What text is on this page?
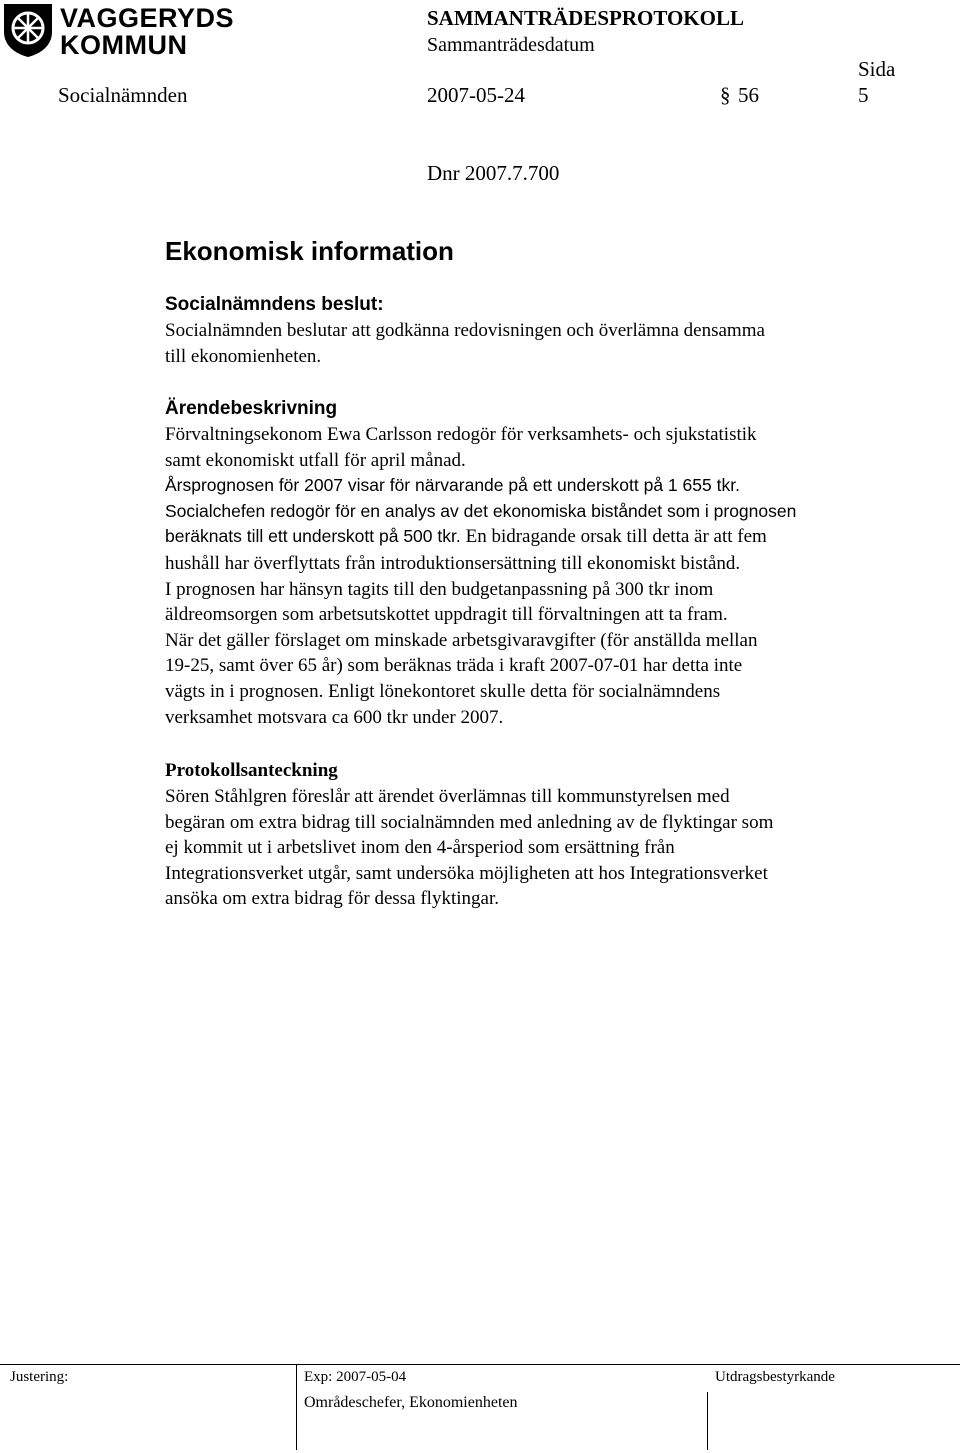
VAGGERYDS
KOMMUN
SAMMANTRÄDESPROTOKOLL
Sammanträdesdatum
Sida
Socialnämnden	2007-05-24	§ 56	5
Dnr 2007.7.700
Ekonomisk information
Socialnämndens beslut:
Socialnämnden beslutar att godkänna redovisningen och överlämna densamma
till ekonomienheten.
Ärendebeskrivning
Förvaltningsekonom Ewa Carlsson redogör för verksamhets- och sjukstatistik
samt ekonomiskt utfall för april månad.
Årsprognosen för 2007 visar för närvarande på ett underskott på 1 655 tkr.
Socialchefen redogör för en analys av det ekonomiska biståndet som i prognosen
beräknats till ett underskott på 500 tkr. En bidragande orsak till detta är att fem
hushåll har överflyttats från introduktionsersättning till ekonomiskt bistånd.
I prognosen har hänsyn tagits till den budgetanpassning på 300 tkr inom
äldreomsorgen som arbetsutskottet uppdragit till förvaltningen att ta fram.
När det gäller förslaget om minskade arbetsgivaravgifter (för anställda mellan
19-25, samt över 65 år) som beräknas träda i kraft 2007-07-01 har detta inte
vägts in i prognosen. Enligt lönekontoret skulle detta för socialnämndens
verksamhet motsvara ca 600 tkr under 2007.
Protokollsanteckning
Sören Ståhlgren föreslår att ärendet överlämnas till kommunstyrelsen med
begäran om extra bidrag till socialnämnden med anledning av de flyktingar som
ej kommit ut i arbetslivet inom den 4-årsperiod som ersättning från
Integrationsverket utgår, samt undersöka möjligheten att hos Integrationsverket
ansöka om extra bidrag för dessa flyktingar.
Justering:	Exp: 2007-05-04	Utdragsbestyrkande
Områdeschefer, Ekonomienheten
